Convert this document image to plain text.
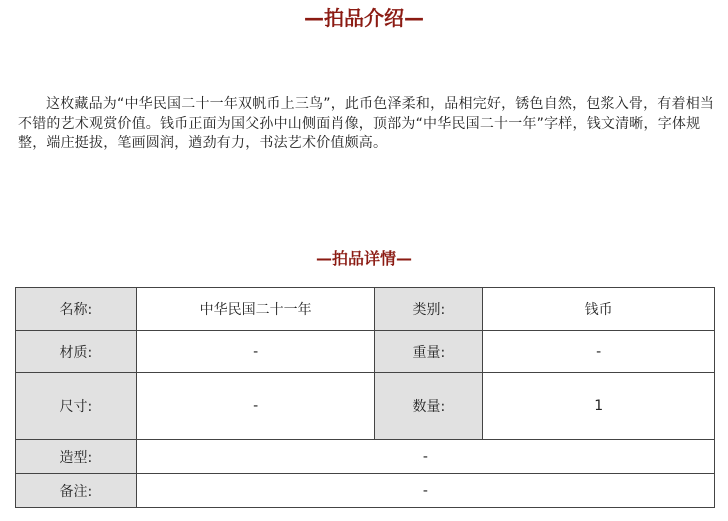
—拍品介绍—

这枚藏品为“中华民国二十一年双帆币上三鸟”，此币色泽柔和，品相完好，锈色自然，包浆入骨，有着相当不错的艺术观赏价值。钱币正面为国父孙中山侧面肖像，顶部为“中华民国二十一年”字样，钱文清晰，字体规整，端庄挺拔，笔画圆润，遒劲有力，书法艺术价值颇高。

—拍品详情—
名称:	中华民国二十一年	类别:	钱币
材质:	-	重量:	-
尺寸:	-	数量:	1
造型:	-		
备注:	-		
